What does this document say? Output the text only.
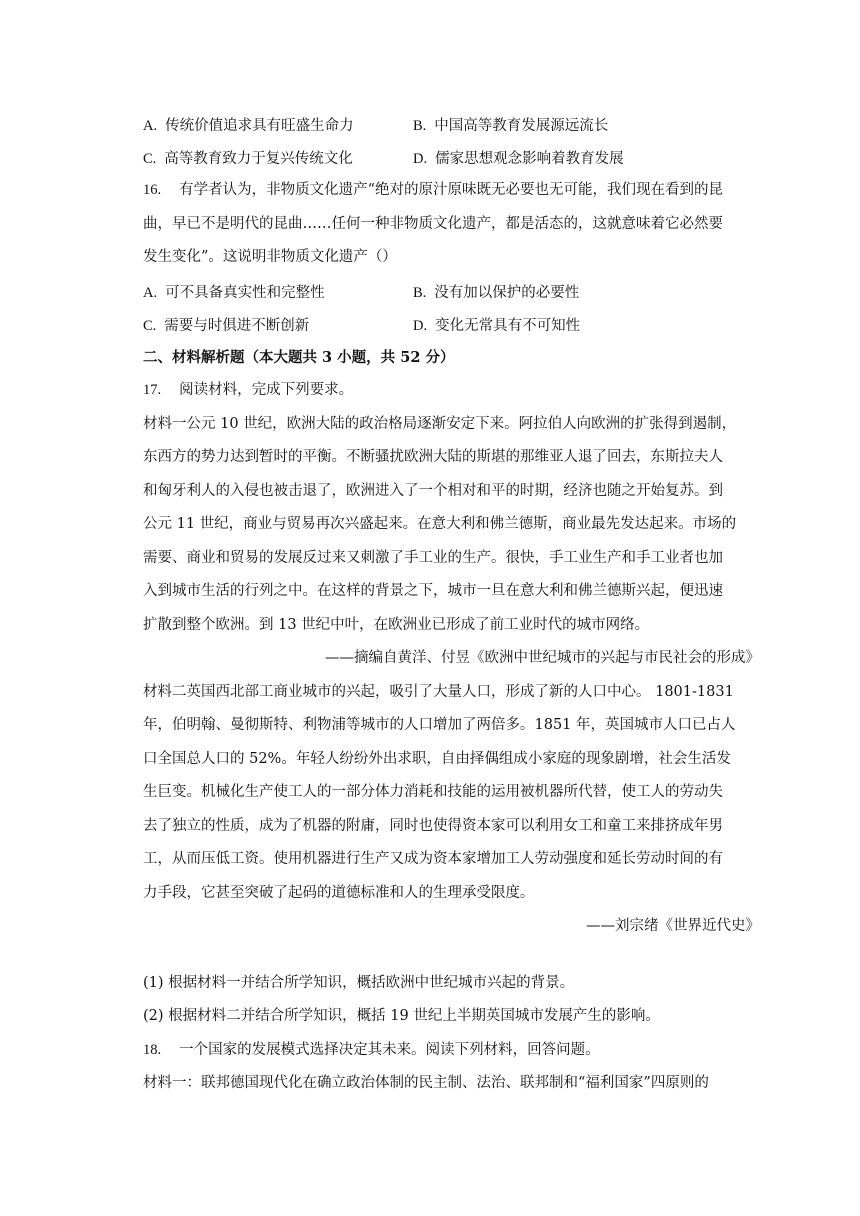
A. 传统价值追求具有旺盛生命力	B. 中国高等教育发展源远流长
C. 高等教育致力于复兴传统文化	D. 儒家思想观念影响着教育发展
16. 有学者认为，非物质文化遗产“绝对的原汁原味既无必要也无可能，我们现在看到的昆
曲，早已不是明代的昆曲……任何一种非物质文化遗产，都是活态的，这就意味着它必然要
发生变化”。这说明非物质文化遗产（）
A. 可不具备真实性和完整性	B. 没有加以保护的必要性
C. 需要与时俱进不断创新	D. 变化无常具有不可知性
二、材料解析题（本大题共 3 小题，共 52 分）
17. 阅读材料，完成下列要求。
材料一公元 10 世纪，欧洲大陆的政治格局逐渐安定下来。阿拉伯人向欧洲的扩张得到遏制，
东西方的势力达到暂时的平衡。不断骚扰欧洲大陆的斯堪的那维亚人退了回去，东斯拉夫人
和匈牙利人的入侵也被击退了，欧洲进入了一个相对和平的时期，经济也随之开始复苏。到
公元 11 世纪，商业与贸易再次兴盛起来。在意大利和佛兰德斯，商业最先发达起来。市场的
需要、商业和贸易的发展反过来又刺激了手工业的生产。很快，手工业生产和手工业者也加
入到城市生活的行列之中。在这样的背景之下，城市一旦在意大利和佛兰德斯兴起，便迅速
扩散到整个欧洲。到 13 世纪中叶，在欧洲业已形成了前工业时代的城市网络。
——摘编自黄洋、付昱《欧洲中世纪城市的兴起与市民社会的形成》
材料二英国西北部工商业城市的兴起，吸引了大量人口，形成了新的人口中心。 1801-1831
年，伯明翰、曼彻斯特、利物浦等城市的人口增加了两倍多。1851 年，英国城市人口已占人
口全国总人口的 52%。年轻人纷纷外出求职，自由择偶组成小家庭的现象剧增，社会生活发
生巨变。机械化生产使工人的一部分体力消耗和技能的运用被机器所代替，使工人的劳动失
去了独立的性质，成为了机器的附庸，同时也使得资本家可以利用女工和童工来排挤成年男
工，从而压低工资。使用机器进行生产又成为资本家增加工人劳动强度和延长劳动时间的有
力手段，它甚至突破了起码的道德标准和人的生理承受限度。
——刘宗绪《世界近代史》
(1) 根据材料一并结合所学知识，概括欧洲中世纪城市兴起的背景。
(2) 根据材料二并结合所学知识，概括 19 世纪上半期英国城市发展产生的影响。
18. 一个国家的发展模式选择决定其未来。阅读下列材料，回答问题。
材料一：联邦德国现代化在确立政治体制的民主制、法治、联邦制和“福利国家”四原则的
